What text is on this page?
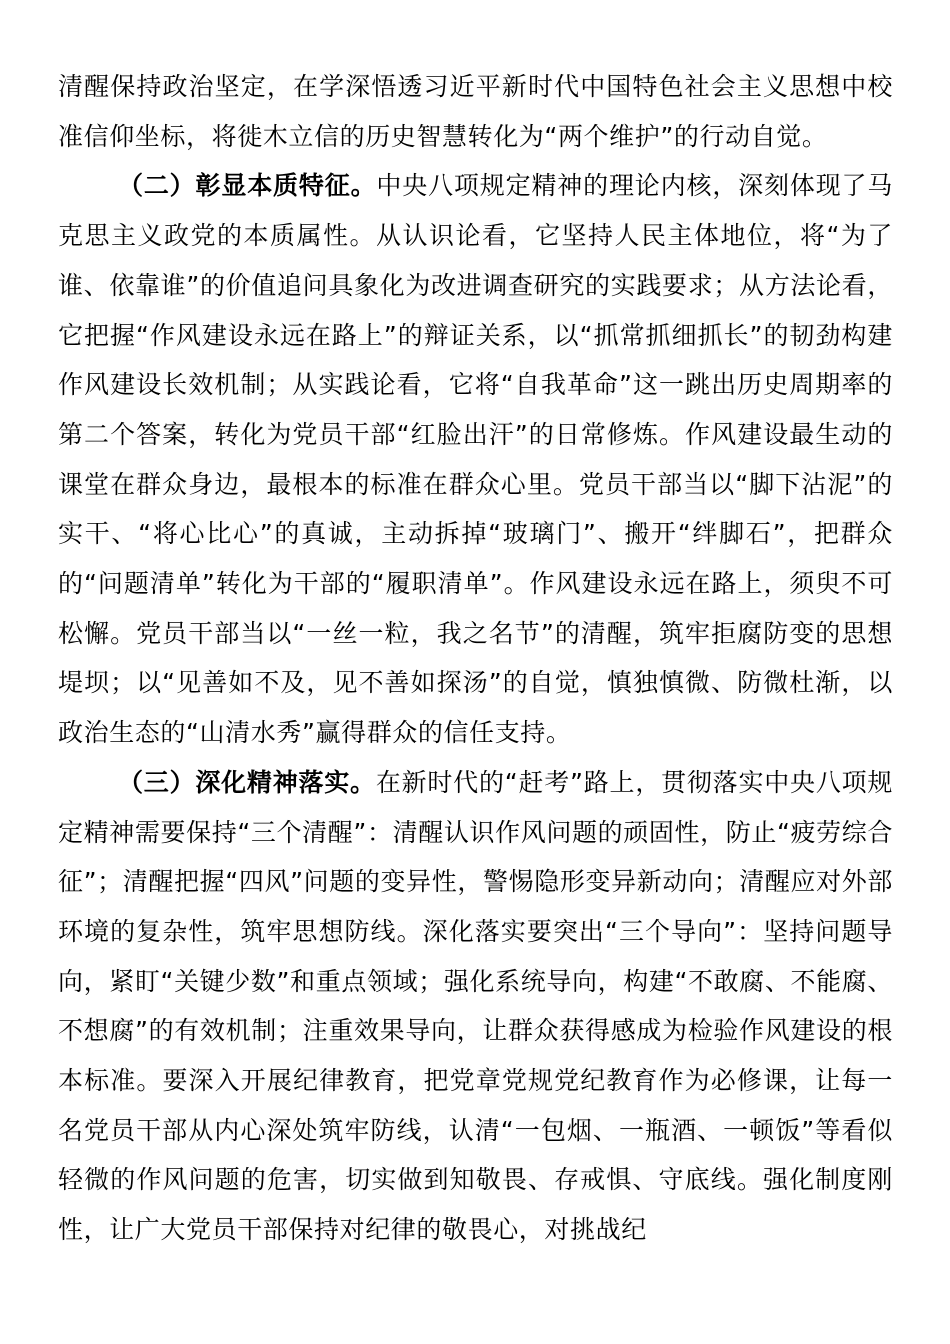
清醒保持政治坚定，在学深悟透习近平新时代中国特色社会主义思想中校准信仰坐标，将徙木立信的历史智慧转化为“两个维护”的行动自觉。

（二）彰显本质特征。中央八项规定精神的理论内核，深刻体现了马克思主义政党的本质属性。从认识论看，它坚持人民主体地位，将“为了谁、依靠谁”的价值追问具象化为改进调查研究的实践要求；从方法论看，它把握“作风建设永远在路上”的辩证关系，以“抓常抓细抓长”的韧劲构建作风建设长效机制；从实践论看，它将“自我革命”这一跳出历史周期率的第二个答案，转化为党员干部“红脸出汗”的日常修炼。作风建设最生动的课堂在群众身边，最根本的标准在群众心里。党员干部当以“脚下沾泥”的实干、“将心比心”的真诚，主动拆掉“玻璃门”、搬开“绊脚石”，把群众的“问题清单”转化为干部的“履职清单”。作风建设永远在路上，须臾不可松懈。党员干部当以“一丝一粒，我之名节”的清醒，筑牢拒腐防变的思想堤坝；以“见善如不及，见不善如探汤”的自觉，慎独慎微、防微杜渐，以政治生态的“山清水秀”赢得群众的信任支持。

（三）深化精神落实。在新时代的“赶考”路上，贯彻落实中央八项规定精神需要保持“三个清醒”：清醒认识作风问题的顽固性，防止“疲劳综合征”；清醒把握“四风”问题的变异性，警惕隐形变异新动向；清醒应对外部环境的复杂性，筑牢思想防线。深化落实要突出“三个导向”：坚持问题导向，紧盯“关键少数”和重点领域；强化系统导向，构建“不敢腐、不能腐、不想腐”的有效机制；注重效果导向，让群众获得感成为检验作风建设的根本标准。要深入开展纪律教育，把党章党规党纪教育作为必修课，让每一名党员干部从内心深处筑牢防线，认清“一包烟、一瓶酒、一顿饭”等看似轻微的作风问题的危害，切实做到知敬畏、存戒惧、守底线。强化制度刚性，让广大党员干部保持对纪律的敬畏心，对挑战纪
